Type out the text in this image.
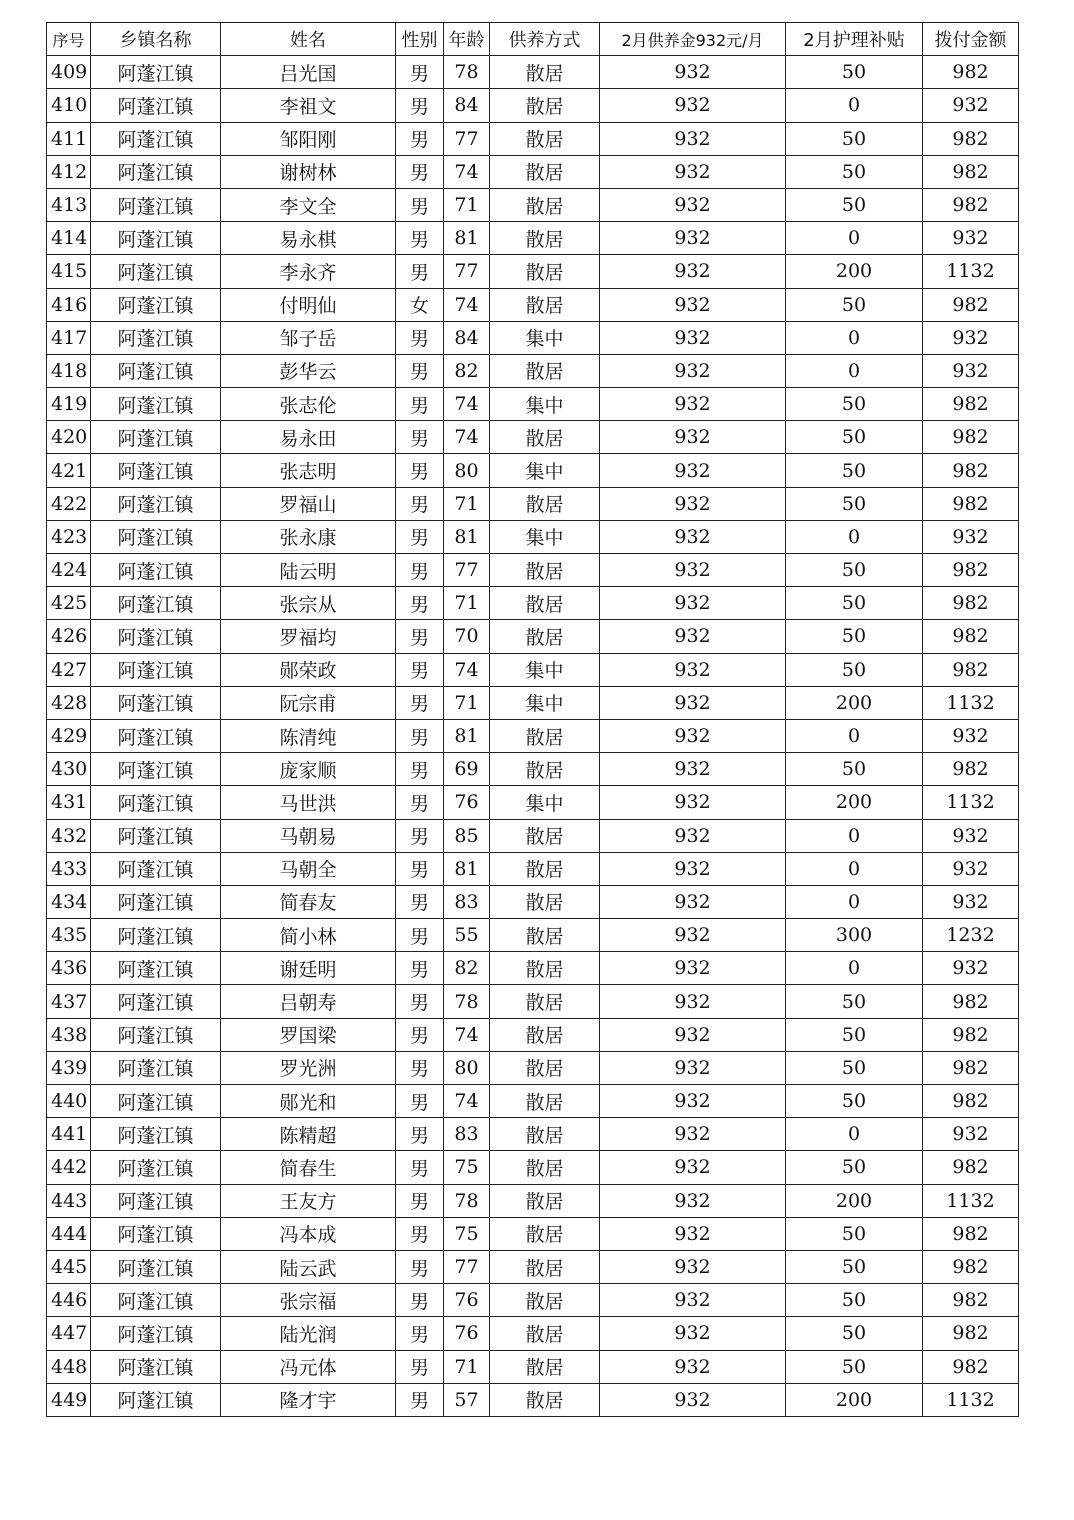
序号	乡镇名称	姓名	性别	年龄	供养方式	2月供养金932元/月	2月护理补贴	拨付金额
409	阿蓬江镇	吕光国	男	78	散居	932	50	982
410	阿蓬江镇	李祖文	男	84	散居	932	0	932
411	阿蓬江镇	邹阳刚	男	77	散居	932	50	982
412	阿蓬江镇	谢树林	男	74	散居	932	50	982
413	阿蓬江镇	李文全	男	71	散居	932	50	982
414	阿蓬江镇	易永棋	男	81	散居	932	0	932
415	阿蓬江镇	李永齐	男	77	散居	932	200	1132
416	阿蓬江镇	付明仙	女	74	散居	932	50	982
417	阿蓬江镇	邹子岳	男	84	集中	932	0	932
418	阿蓬江镇	彭华云	男	82	散居	932	0	932
419	阿蓬江镇	张志伦	男	74	集中	932	50	982
420	阿蓬江镇	易永田	男	74	散居	932	50	982
421	阿蓬江镇	张志明	男	80	集中	932	50	982
422	阿蓬江镇	罗福山	男	71	散居	932	50	982
423	阿蓬江镇	张永康	男	81	集中	932	0	932
424	阿蓬江镇	陆云明	男	77	散居	932	50	982
425	阿蓬江镇	张宗从	男	71	散居	932	50	982
426	阿蓬江镇	罗福均	男	70	散居	932	50	982
427	阿蓬江镇	郧荣政	男	74	集中	932	50	982
428	阿蓬江镇	阮宗甫	男	71	集中	932	200	1132
429	阿蓬江镇	陈清纯	男	81	散居	932	0	932
430	阿蓬江镇	庞家顺	男	69	散居	932	50	982
431	阿蓬江镇	马世洪	男	76	集中	932	200	1132
432	阿蓬江镇	马朝易	男	85	散居	932	0	932
433	阿蓬江镇	马朝全	男	81	散居	932	0	932
434	阿蓬江镇	简春友	男	83	散居	932	0	932
435	阿蓬江镇	简小林	男	55	散居	932	300	1232
436	阿蓬江镇	谢廷明	男	82	散居	932	0	932
437	阿蓬江镇	吕朝寿	男	78	散居	932	50	982
438	阿蓬江镇	罗国梁	男	74	散居	932	50	982
439	阿蓬江镇	罗光洲	男	80	散居	932	50	982
440	阿蓬江镇	郧光和	男	74	散居	932	50	982
441	阿蓬江镇	陈精超	男	83	散居	932	0	932
442	阿蓬江镇	简春生	男	75	散居	932	50	982
443	阿蓬江镇	王友方	男	78	散居	932	200	1132
444	阿蓬江镇	冯本成	男	75	散居	932	50	982
445	阿蓬江镇	陆云武	男	77	散居	932	50	982
446	阿蓬江镇	张宗福	男	76	散居	932	50	982
447	阿蓬江镇	陆光润	男	76	散居	932	50	982
448	阿蓬江镇	冯元体	男	71	散居	932	50	982
449	阿蓬江镇	隆才宇	男	57	散居	932	200	1132
